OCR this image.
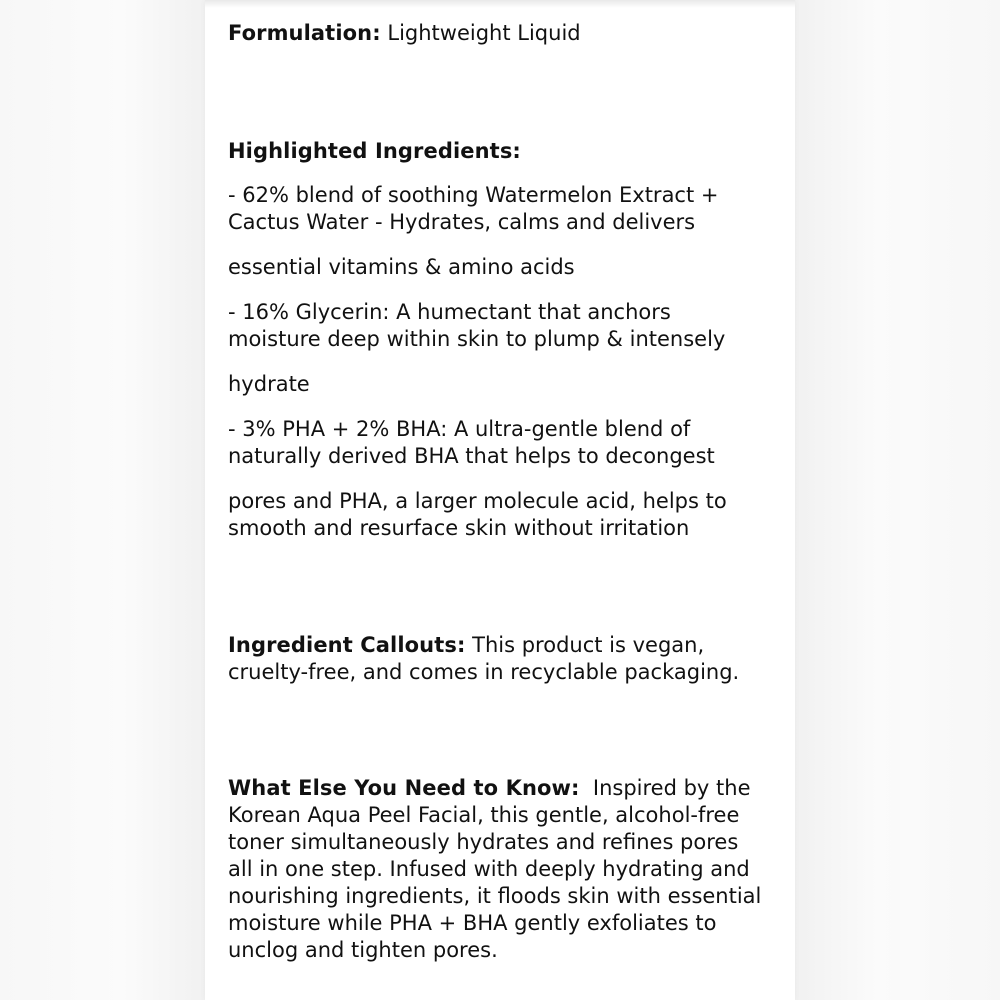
Formulation: Lightweight Liquid
Highlighted Ingredients:
- 62% blend of soothing Watermelon Extract +
Cactus Water - Hydrates, calms and delivers
essential vitamins & amino acids
- 16% Glycerin: A humectant that anchors
moisture deep within skin to plump & intensely
hydrate
- 3% PHA + 2% BHA: A ultra-gentle blend of
naturally derived BHA that helps to decongest
pores and PHA, a larger molecule acid, helps to
smooth and resurface skin without irritation
Ingredient Callouts: This product is vegan,
cruelty-free, and comes in recyclable packaging.
What Else You Need to Know:  Inspired by the
Korean Aqua Peel Facial, this gentle, alcohol-free
toner simultaneously hydrates and refines pores
all in one step. Infused with deeply hydrating and
nourishing ingredients, it floods skin with essential
moisture while PHA + BHA gently exfoliates to
unclog and tighten pores.
